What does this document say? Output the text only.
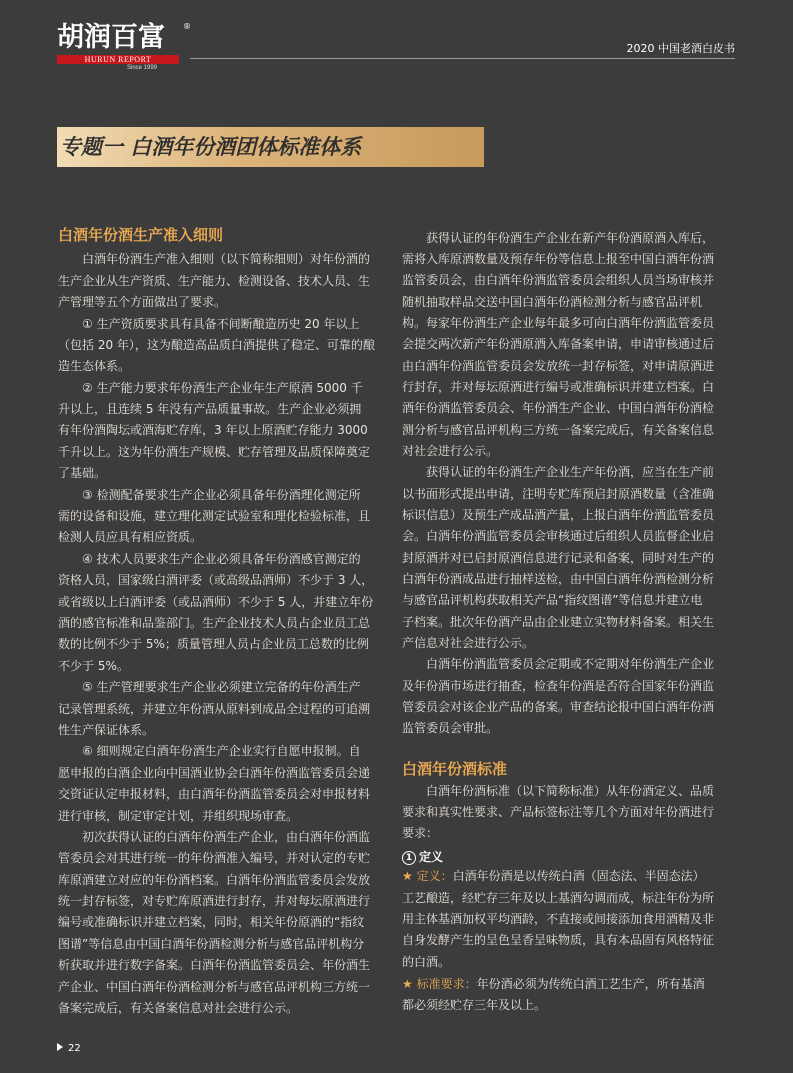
胡润百富 ®
HURUN REPORT
Since 1999
2020 中国老酒白皮书
专题一 白酒年份酒团体标准体系
白酒年份酒生产准入细则
白酒年份酒生产准入细则（以下简称细则）对年份酒的
生产企业从生产资质、生产能力、检测设备、技术人员、生
产管理等五个方面做出了要求。
① 生产资质要求具有具备不间断酿造历史 20 年以上
（包括 20 年），这为酿造高品质白酒提供了稳定、可靠的酿
造生态体系。
② 生产能力要求年份酒生产企业年生产原酒 5000 千
升以上，且连续 5 年没有产品质量事故。生产企业必须拥
有年份酒陶坛或酒海贮存库，3 年以上原酒贮存能力 3000
千升以上。这为年份酒生产规模、贮存管理及品质保障奠定
了基础。
③ 检测配备要求生产企业必须具备年份酒理化测定所
需的设备和设施，建立理化测定试验室和理化检验标准，且
检测人员应具有相应资质。
④ 技术人员要求生产企业必须具备年份酒感官测定的
资格人员，国家级白酒评委（或高级品酒师）不少于 3 人，
或省级以上白酒评委（或品酒师）不少于 5 人，并建立年份
酒的感官标准和品鉴部门。生产企业技术人员占企业员工总
数的比例不少于 5%；质量管理人员占企业员工总数的比例
不少于 5%。
⑤ 生产管理要求生产企业必须建立完备的年份酒生产
记录管理系统，并建立年份酒从原料到成品全过程的可追溯
性生产保证体系。
⑥ 细则规定白酒年份酒生产企业实行自愿申报制。自
愿申报的白酒企业向中国酒业协会白酒年份酒监管委员会递
交资证认定申报材料，由白酒年份酒监管委员会对申报材料
进行审核，制定审定计划，并组织现场审查。
初次获得认证的白酒年份酒生产企业，由白酒年份酒监
管委员会对其进行统一的年份酒准入编号，并对认定的专贮
库原酒建立对应的年份酒档案。白酒年份酒监管委员会发放
统一封存标签，对专贮库原酒进行封存，并对每坛原酒进行
编号或准确标识并建立档案，同时，相关年份原酒的“指纹
图谱”等信息由中国白酒年份酒检测分析与感官品评机构分
析获取并进行数字备案。白酒年份酒监管委员会、年份酒生
产企业、中国白酒年份酒检测分析与感官品评机构三方统一
备案完成后，有关备案信息对社会进行公示。
获得认证的年份酒生产企业在新产年份酒原酒入库后，
需将入库原酒数量及预存年份等信息上报至中国白酒年份酒
监管委员会，由白酒年份酒监管委员会组织人员当场审核并
随机抽取样品交送中国白酒年份酒检测分析与感官品评机
构。每家年份酒生产企业每年最多可向白酒年份酒监管委员
会提交两次新产年份酒原酒入库备案申请，申请审核通过后
由白酒年份酒监管委员会发放统一封存标签，对申请原酒进
行封存，并对每坛原酒进行编号或准确标识并建立档案。白
酒年份酒监管委员会、年份酒生产企业、中国白酒年份酒检
测分析与感官品评机构三方统一备案完成后，有关备案信息
对社会进行公示。
获得认证的年份酒生产企业生产年份酒，应当在生产前
以书面形式提出申请，注明专贮库预启封原酒数量（含准确
标识信息）及预生产成品酒产量，上报白酒年份酒监管委员
会。白酒年份酒监管委员会审核通过后组织人员监督企业启
封原酒并对已启封原酒信息进行记录和备案，同时对生产的
白酒年份酒成品进行抽样送检，由中国白酒年份酒检测分析
与感官品评机构获取相关产品“指纹图谱”等信息并建立电
子档案。批次年份酒产品由企业建立实物材料备案。相关生
产信息对社会进行公示。
白酒年份酒监管委员会定期或不定期对年份酒生产企业
及年份酒市场进行抽查，检查年份酒是否符合国家年份酒监
管委员会对该企业产品的备案。审查结论报中国白酒年份酒
监管委员会审批。
白酒年份酒标准
白酒年份酒标准（以下简称标准）从年份酒定义、品质
要求和真实性要求、产品标签标注等几个方面对年份酒进行
要求：
1 定义
★ 定义：白酒年份酒是以传统白酒（固态法、半固态法）
工艺酿造，经贮存三年及以上基酒勾调而成，标注年份为所
用主体基酒加权平均酒龄，不直接或间接添加食用酒精及非
自身发酵产生的呈色呈香呈味物质，具有本品固有风格特征
的白酒。
★ 标准要求：年份酒必须为传统白酒工艺生产，所有基酒
都必须经贮存三年及以上。
22
